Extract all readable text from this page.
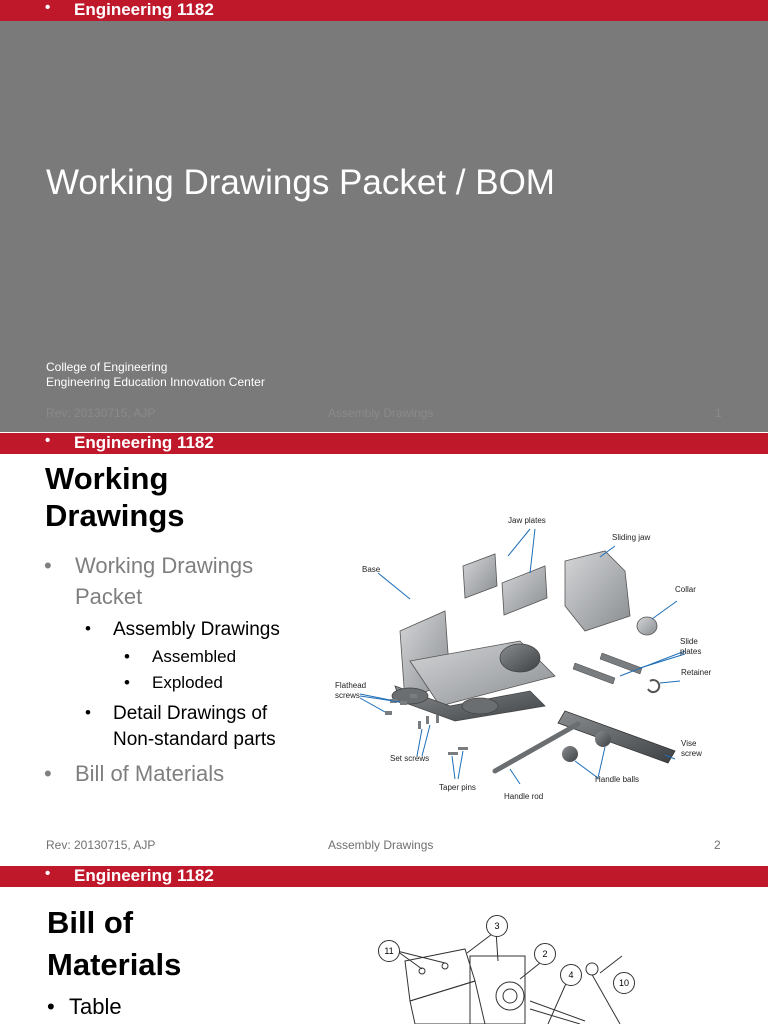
• Engineering 1182
Working Drawings Packet / BOM
College of Engineering
Engineering Education Innovation Center
Rev: 20130715, AJP	Assembly Drawings	1
• Engineering 1182
Working Drawings
• Working Drawings Packet
• Assembly Drawings
• Assembled
• Exploded
• Detail Drawings of Non-standard parts
• Bill of Materials
Jaw plates
Sliding jaw
Base
Collar
Slide plates
Retainer
Flathead screws
Set screws
Taper pins
Handle rod
Handle balls
Vise screw
Rev: 20130715, AJP	Assembly Drawings	2
• Engineering 1182
Bill of Materials
• Table
11
3
2
4
10
